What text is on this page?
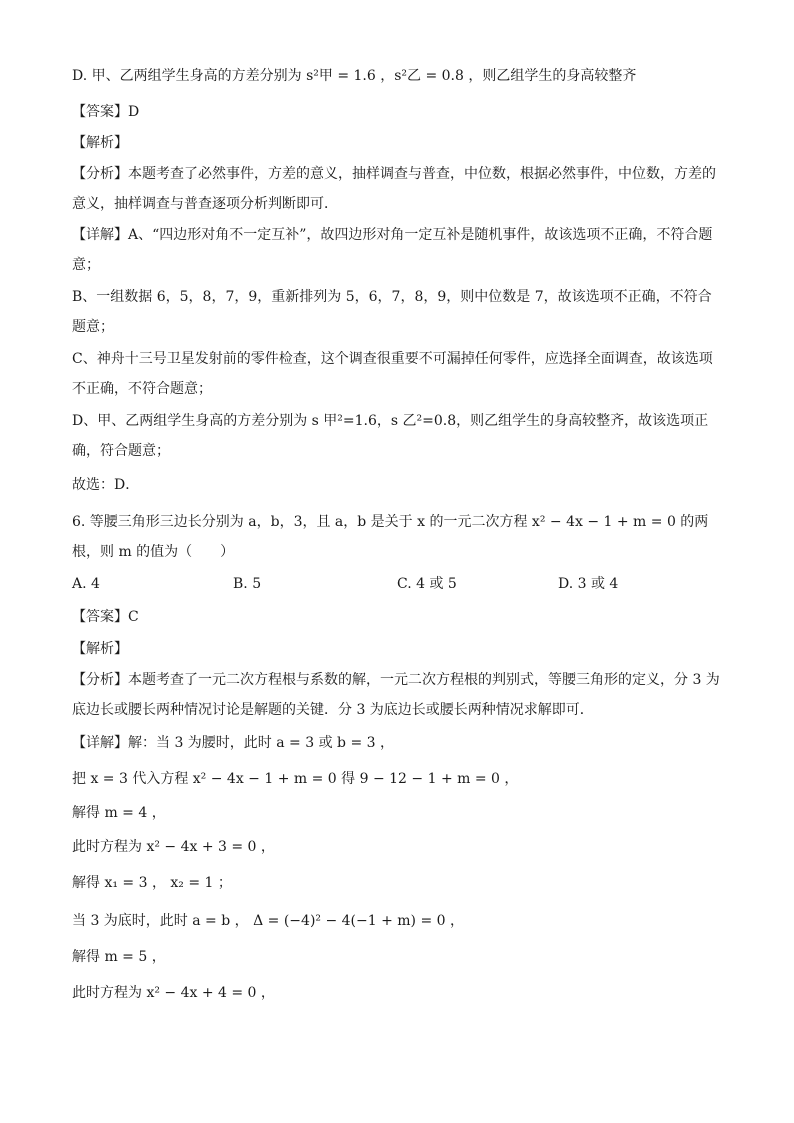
D. 甲、乙两组学生身高的方差分别为 s²甲 = 1.6 ，s²乙 = 0.8 ，则乙组学生的身高较整齐
【答案】D
【解析】
【分析】本题考查了必然事件，方差的意义，抽样调查与普查，中位数，根据必然事件，中位数，方差的意义，抽样调查与普查逐项分析判断即可．
【详解】A、“四边形对角不一定互补”，故四边形对角一定互补是随机事件，故该选项不正确，不符合题意；
B、一组数据 6，5，8，7，9，重新排列为 5，6，7，8，9，则中位数是 7，故该选项不正确，不符合题意；
C、神舟十三号卫星发射前的零件检查，这个调查很重要不可漏掉任何零件，应选择全面调查，故该选项不正确，不符合题意；
D、甲、乙两组学生身高的方差分别为 s 甲²=1.6，s 乙²=0.8，则乙组学生的身高较整齐，故该选项正确，符合题意；
故选：D．
6. 等腰三角形三边长分别为 a，b，3，且 a，b 是关于 x 的一元二次方程 x² − 4x − 1 + m = 0 的两根，则 m 的值为（　　）
A. 4	B. 5	C. 4 或 5	D. 3 或 4
【答案】C
【解析】
【分析】本题考查了一元二次方程根与系数的解，一元二次方程根的判别式，等腰三角形的定义，分 3 为底边长或腰长两种情况讨论是解题的关键．分 3 为底边长或腰长两种情况求解即可．
【详解】解：当 3 为腰时，此时 a = 3 或 b = 3 ，
把 x = 3 代入方程 x² − 4x − 1 + m = 0 得 9 − 12 − 1 + m = 0 ，
解得 m = 4 ，
此时方程为 x² − 4x + 3 = 0 ，
解得 x₁ = 3 ， x₂ = 1 ；
当 3 为底时，此时 a = b ， Δ = (−4)² − 4(−1 + m) = 0 ，
解得 m = 5 ，
此时方程为 x² − 4x + 4 = 0 ，
